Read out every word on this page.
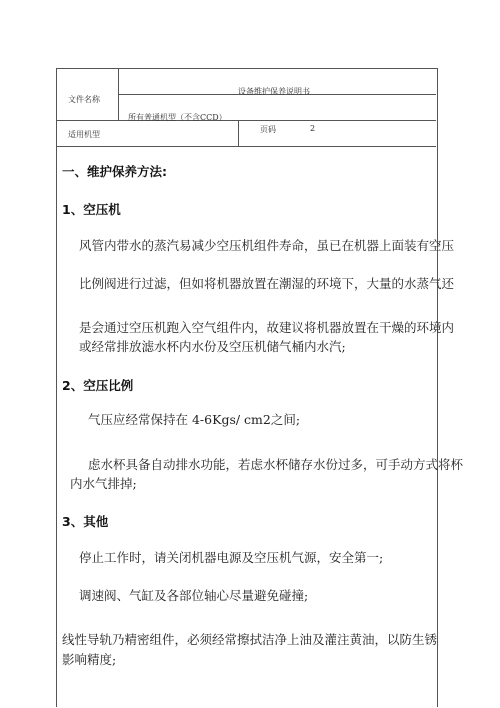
文件名称
设备维护保养说明书
所有普通机型（不含CCD）
页码	2
适用机型
一、维护保养方法:
1、空压机
风管内带水的蒸汽易减少空压机组件寿命，虽已在机器上面装有空压
比例阀进行过滤，但如将机器放置在潮湿的环境下，大量的水蒸气还
是会通过空压机跑入空气组件内，故建议将机器放置在干燥的环境内
或经常排放滤水杯内水份及空压机储气桶内水汽;
2、空压比例
气压应经常保持在 4-6Kgs/ cm2之间;
虑水杯具备自动排水功能，若虑水杯储存水份过多，可手动方式将杯
内水气排掉;
3、其他
停止工作时，请关闭机器电源及空压机气源，安全第一;
调速阀、气缸及各部位轴心尽量避免碰撞;
线性导轨乃精密组件，必须经常擦拭洁净上油及灌注黄油，以防生锈
影响精度;
